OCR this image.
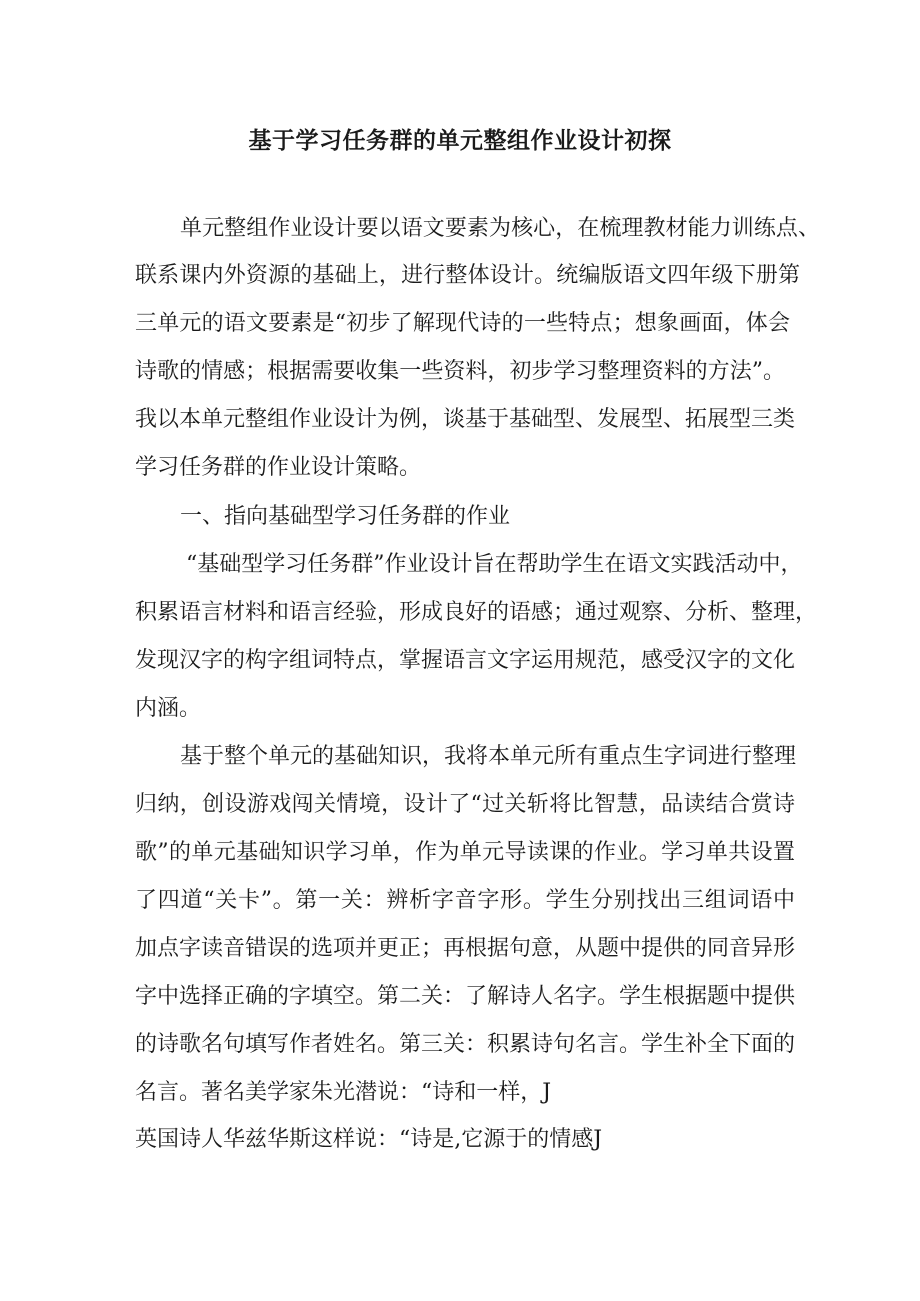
基于学习任务群的单元整组作业设计初探
单元整组作业设计要以语文要素为核心，在梳理教材能力训练点、
联系课内外资源的基础上，进行整体设计。统编版语文四年级下册第
三单元的语文要素是“初步了解现代诗的一些特点；想象画面，体会
诗歌的情感；根据需要收集一些资料，初步学习整理资料的方法”。
我以本单元整组作业设计为例，谈基于基础型、发展型、拓展型三类
学习任务群的作业设计策略。
一、指向基础型学习任务群的作业
“基础型学习任务群”作业设计旨在帮助学生在语文实践活动中，
积累语言材料和语言经验，形成良好的语感；通过观察、分析、整理，
发现汉字的构字组词特点，掌握语言文字运用规范，感受汉字的文化
内涵。
基于整个单元的基础知识，我将本单元所有重点生字词进行整理
归纳，创设游戏闯关情境，设计了“过关斩将比智慧，品读结合赏诗
歌”的单元基础知识学习单，作为单元导读课的作业。学习单共设置
了四道“关卡”。第一关：辨析字音字形。学生分别找出三组词语中
加点字读音错误的选项并更正；再根据句意，从题中提供的同音异形
字中选择正确的字填空。第二关：了解诗人名字。学生根据题中提供
的诗歌名句填写作者姓名。第三关：积累诗句名言。学生补全下面的
名言。著名美学家朱光潜说：“诗和一样，J
英国诗人华兹华斯这样说：“诗是,它源于的情感J
